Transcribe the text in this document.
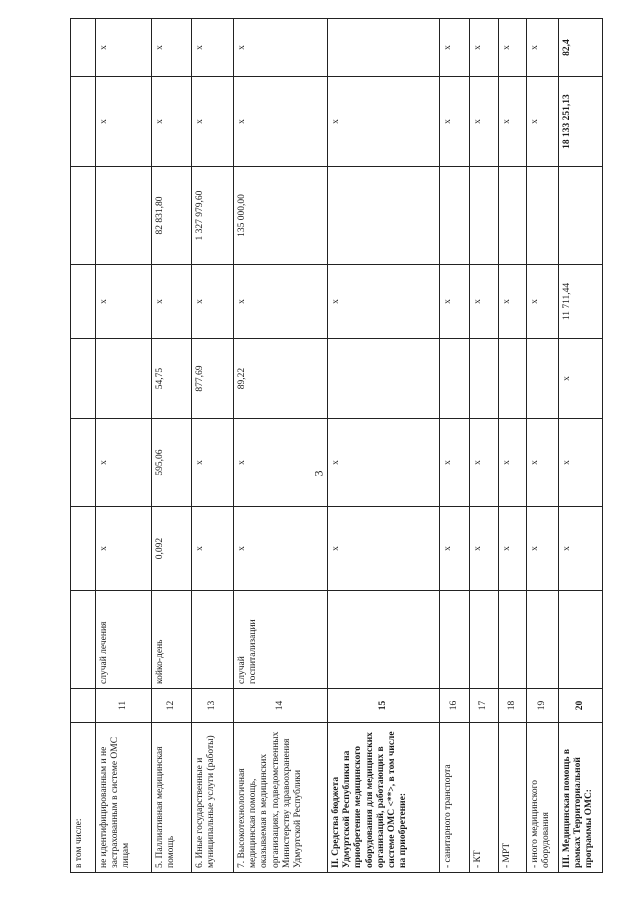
3
в том числе:									
не идентифицированным и не застрахованным в системе ОМС лицам	11	случай лечения	x	x		x		x	x
5. Паллиативная медицинская помощь	12	койко-день	0,092	595,06	54,75	x	82 831,80	x	x
6. Иные государственные и муниципальные услуги (работы)	13		x	x	877,69	x	1 327 979,60	x	x
7. Высокотехнологичная медицинская помощь, оказываемая в медицинских организациях, подведомственных Министерству здравоохранения Удмуртской Республики	14	случай госпитализации	x	x	89,22	x	135 000,00	x	x
II. Средства бюджета Удмуртской Республики на приобретение медицинского оборудования для медицинских организаций, работающих в системе ОМС <**>, в том числе на приобретение:	15		x	x		x		x	
- санитарного транспорта	16		x	x		x		x	x
- КТ	17		x	x		x		x	x
- МРТ	18		x	x		x		x	x
- иного медицинского оборудования	19		x	x		x		x	x
III. Медицинская помощь в рамках Территориальной программы ОМС:	20		x	x	x	11 711,44		18 133 251,13	82,4
